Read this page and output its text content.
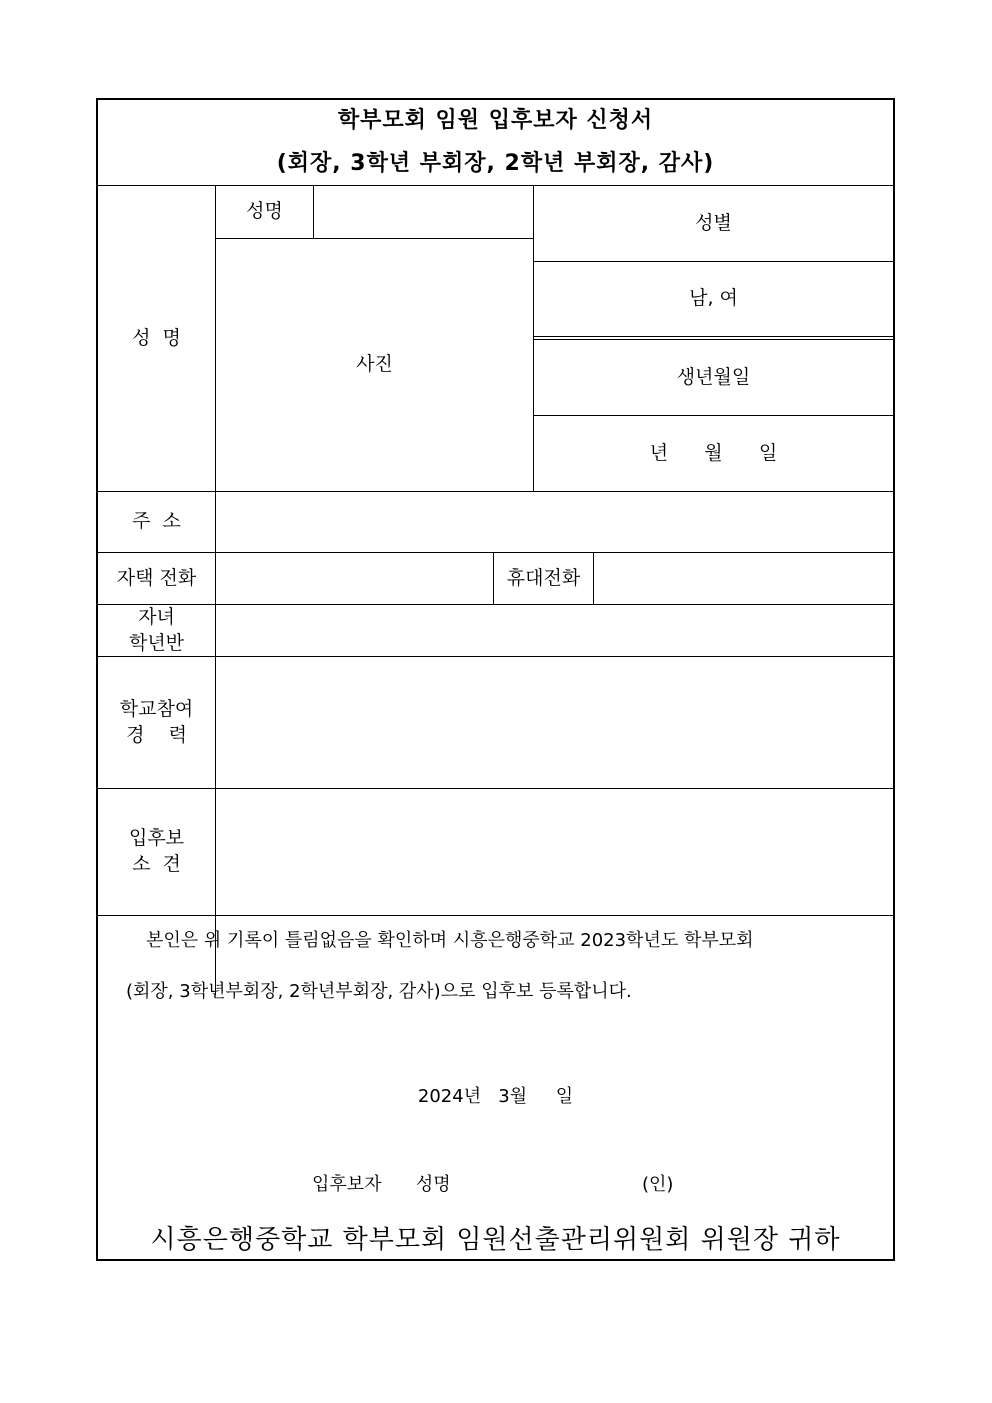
학부모회 임원 입후보자 신청서
(회장, 3학년 부회장, 2학년 부회장, 감사)
성  명
성명
사진
성별
남, 여
생년월일
년      월      일
주  소
자택 전화	휴대전화
자녀
학년반
학교참여
경    력
입후보
소  견
본인은 위 기록이 틀림없음을 확인하며 시흥은행중학교 2023학년도 학부모회
(회장, 3학년부회장, 2학년부회장, 감사)으로 입후보 등록합니다.
2024년   3월     일
입후보자      성명	(인)
시흥은행중학교 학부모회 임원선출관리위원회 위원장 귀하
